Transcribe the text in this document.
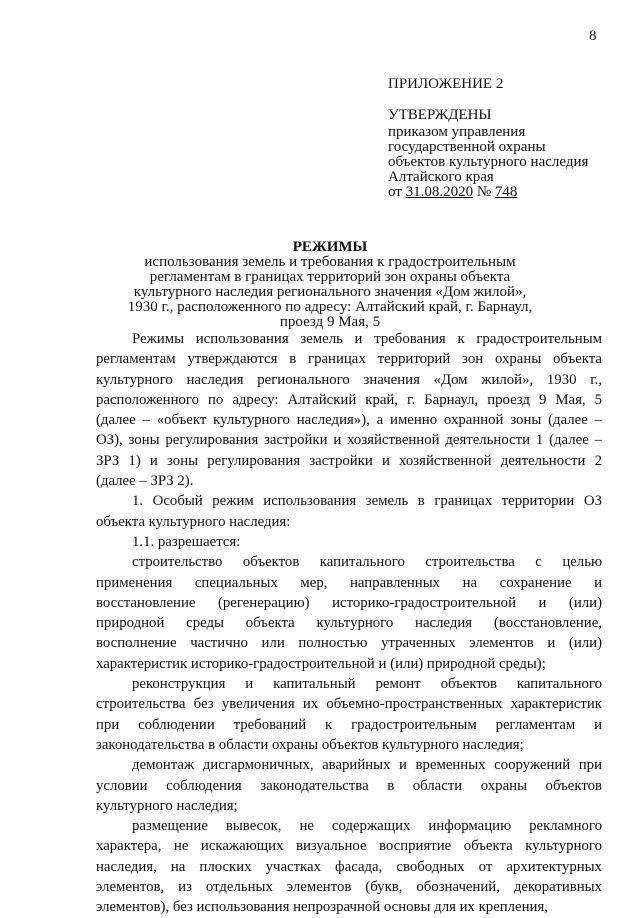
8
ПРИЛОЖЕНИЕ 2
УТВЕРЖДЕНЫ
приказом управления
государственной охраны
объектов культурного наследия
Алтайского края
от 31.08.2020 № 748
РЕЖИМЫ
использования земель и требования к градостроительным
регламентам в границах территорий зон охраны объекта
культурного наследия регионального значения «Дом жилой»,
1930 г., расположенного по адресу: Алтайский край, г. Барнаул,
проезд 9 Мая, 5

Режимы использования земель и требования к градостроительным
регламентам утверждаются в границах территорий зон охраны объекта
культурного наследия регионального значения «Дом жилой», 1930 г.,
расположенного по адресу: Алтайский край, г. Барнаул, проезд 9 Мая, 5
(далее – «объект культурного наследия»), а именно охранной зоны (далее –
ОЗ), зоны регулирования застройки и хозяйственной деятельности 1 (далее –
ЗРЗ 1) и зоны регулирования застройки и хозяйственной деятельности 2
(далее – ЗРЗ 2).

1. Особый режим использования земель в границах территории ОЗ
объекта культурного наследия:

1.1. разрешается:

строительство объектов капитального строительства с целью
применения специальных мер, направленных на сохранение и
восстановление (регенерацию) историко-градостроительной и (или)
природной среды объекта культурного наследия (восстановление,
восполнение частично или полностью утраченных элементов и (или)
характеристик историко-градостроительной и (или) природной среды);

реконструкция и капитальный ремонт объектов капитального
строительства без увеличения их объемно-пространственных характеристик
при соблюдении требований к градостроительным регламентам и
законодательства в области охраны объектов культурного наследия;

демонтаж дисгармоничных, аварийных и временных сооружений при
условии соблюдения законодательства в области охраны объектов
культурного наследия;

размещение вывесок, не содержащих информацию рекламного
характера, не искажающих визуальное восприятие объекта культурного
наследия, на плоских участках фасада, свободных от архитектурных
элементов, из отдельных элементов (букв, обозначений, декоративных
элементов), без использования непрозрачной основы для их крепления,
